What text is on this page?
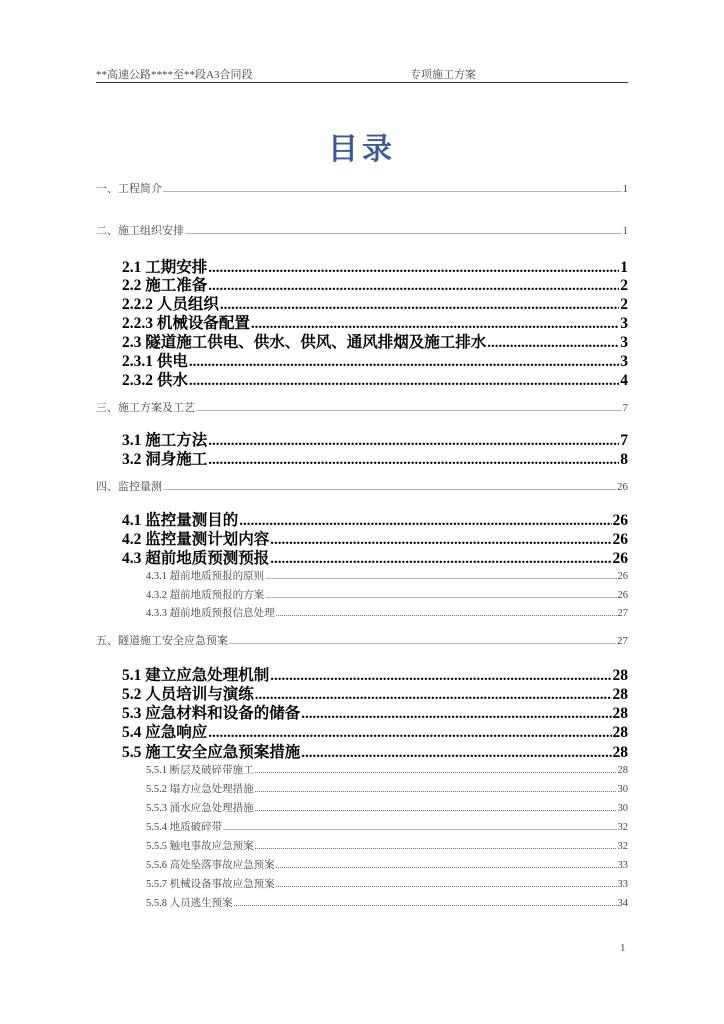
**高速公路****至**段A3合同段	专项施工方案
目录
一、工程简介 .....	1
二、施工组织安排 .....	1
2.1 工期安排 .....	1
2.2 施工准备 .....	2
2.2.2 人员组织 .....	2
2.2.3 机械设备配置 .....	3
2.3 隧道施工供电、供水、供风、通风排烟及施工排水 .....	3
2.3.1 供电 .....	3
2.3.2 供水 .....	4
三、施工方案及工艺 .....	7
3.1 施工方法 .....	7
3.2 洞身施工 .....	8
四、监控量测 .....	26
4.1 监控量测目的 .....	26
4.2 监控量测计划内容 .....	26
4.3 超前地质预测预报 .....	26
4.3.1 超前地质预报的原则 .....	26
4.3.2 超前地质预报的方案 .....	26
4.3.3 超前地质预报信息处理 .....	27
五、隧道施工安全应急预案 .....	27
5.1 建立应急处理机制 .....	28
5.2 人员培训与演练 .....	28
5.3 应急材料和设备的储备 .....	28
5.4 应急响应 .....	28
5.5 施工安全应急预案措施 .....	28
5.5.1 断层及破碎带施工 .....	28
5.5.2 塌方应急处理措施 .....	30
5.5.3 涌水应急处理措施 .....	30
5.5.4 地质破碎带 .....	32
5.5.5 触电事故应急预案 .....	32
5.5.6 高处坠落事故应急预案 .....	33
5.5.7 机械设备事故应急预案 .....	33
5.5.8 人员逃生预案 .....	34
1
